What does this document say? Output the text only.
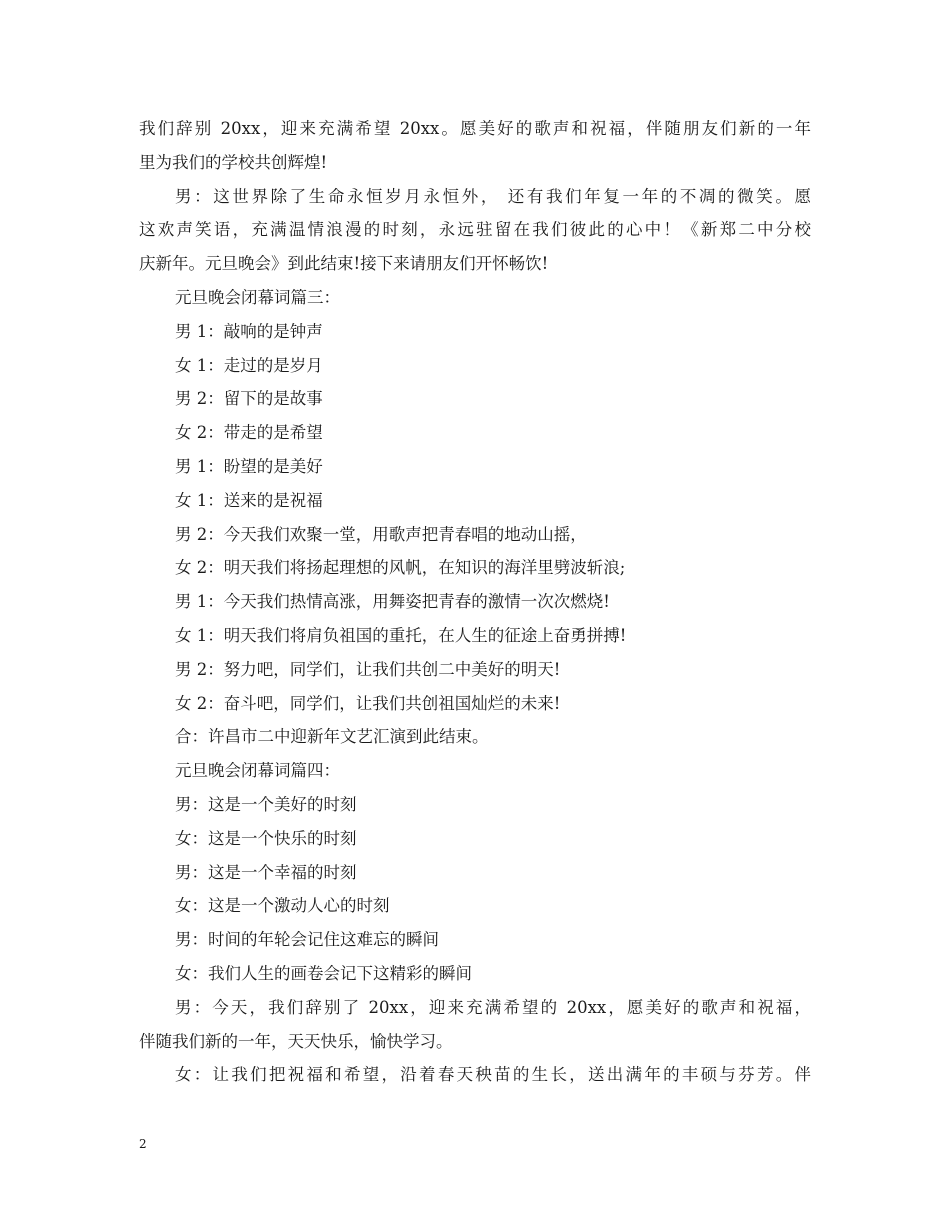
我们辞别 20xx，迎来充满希望 20xx。愿美好的歌声和祝福，伴随朋友们新的一年
里为我们的学校共创辉煌!
男：这世界除了生命永恒岁月永恒外， 还有我们年复一年的不凋的微笑。愿
这欢声笑语，充满温情浪漫的时刻，永远驻留在我们彼此的心中！《新郑二中分校
庆新年。元旦晚会》到此结束!接下来请朋友们开怀畅饮!
元旦晚会闭幕词篇三：
男 1：敲响的是钟声
女 1：走过的是岁月
男 2：留下的是故事
女 2：带走的是希望
男 1：盼望的是美好
女 1：送来的是祝福
男 2：今天我们欢聚一堂，用歌声把青春唱的地动山摇，
女 2：明天我们将扬起理想的风帆，在知识的海洋里劈波斩浪;
男 1：今天我们热情高涨，用舞姿把青春的激情一次次燃烧!
女 1：明天我们将肩负祖国的重托，在人生的征途上奋勇拼搏!
男 2：努力吧，同学们，让我们共创二中美好的明天!
女 2：奋斗吧，同学们，让我们共创祖国灿烂的未来!
合：许昌市二中迎新年文艺汇演到此结束。
元旦晚会闭幕词篇四：
男：这是一个美好的时刻
女：这是一个快乐的时刻
男：这是一个幸福的时刻
女：这是一个激动人心的时刻
男：时间的年轮会记住这难忘的瞬间
女：我们人生的画卷会记下这精彩的瞬间
男：今天，我们辞别了 20xx，迎来充满希望的 20xx，愿美好的歌声和祝福，
伴随我们新的一年，天天快乐，愉快学习。
女：让我们把祝福和希望，沿着春天秧苗的生长，送出满年的丰硕与芬芳。伴
2
